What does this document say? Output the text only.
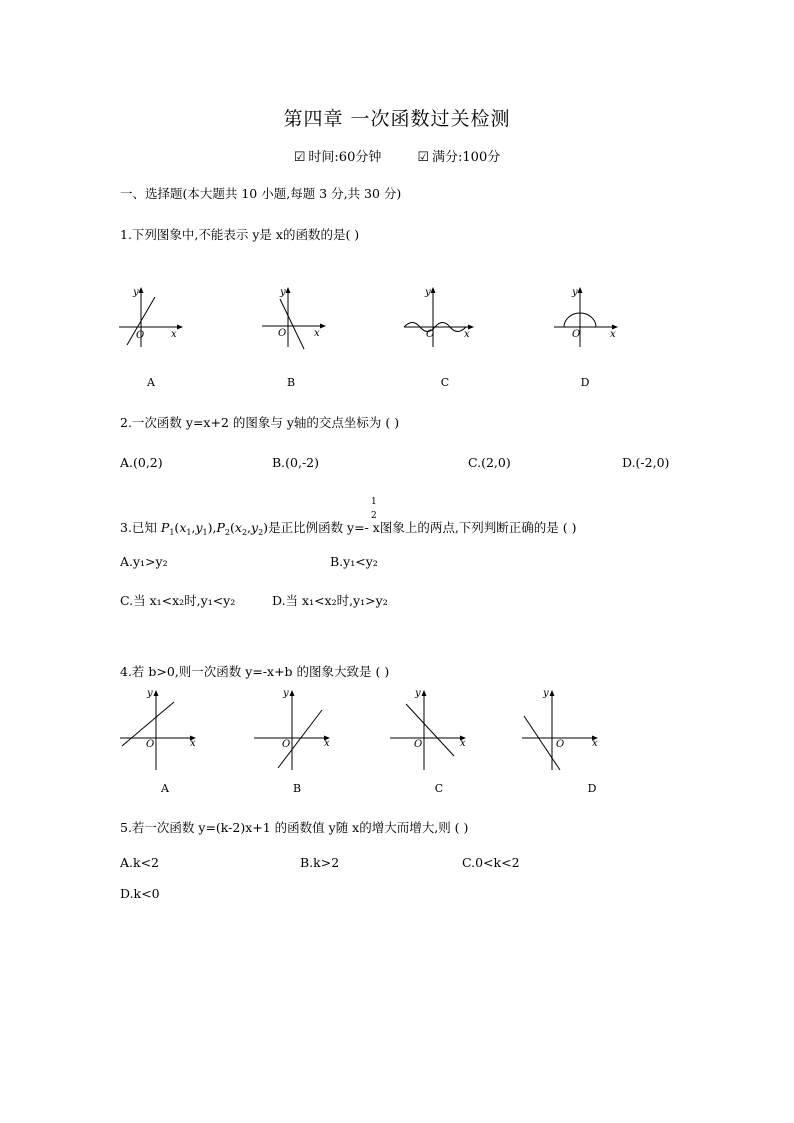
第四章 一次函数过关检测
☑ 时间:60分钟	☑ 满分:100分
一、选择题(本大题共 10 小题,每题 3 分,共 30 分)
1.下列图象中,不能表示 y是 x的函数的是( )
O
y
x
A
O
y
x
B
O
y
x
C
O
y
x
D
2.一次函数 y=x+2 的图象与 y轴的交点坐标为 ( )
A.(0,2)	B.(0,-2)	C.(2,0)	D.(-2,0)
1
2
3.已知 $P_1(x_1,y_1),P_2(x_2,y_2)$是正比例函数 y=- x图象上的两点,下列判断正确的是 ( )
A.y₁>y₂	B.y₁<y₂
C.当 x₁<x₂时,y₁<y₂	D.当 x₁<x₂时,y₁>y₂
4.若 b>0,则一次函数 y=-x+b 的图象大致是 ( )
O
y
x
A
O
y
x
B
O
y
x
C
O
y
x
D
5.若一次函数 y=(k-2)x+1 的函数值 y随 x的增大而增大,则 ( )
A.k<2	B.k>2	C.0<k<2
D.k<0
